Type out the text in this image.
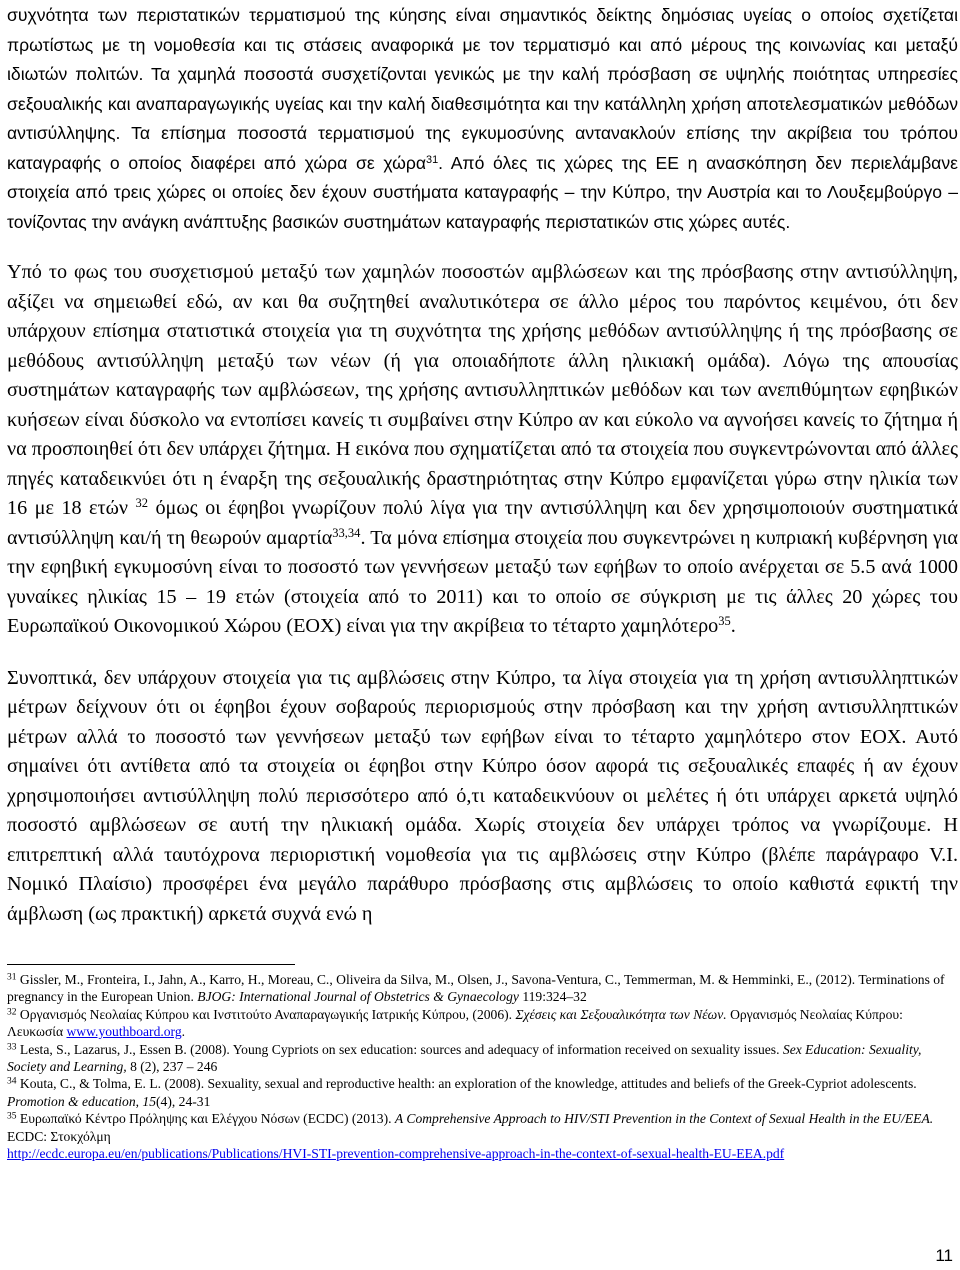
συχνότητα των περιστατικών τερματισμού της κύησης είναι σημαντικός δείκτης δημόσιας υγείας ο οποίος σχετίζεται πρωτίστως με τη νομοθεσία και τις στάσεις αναφορικά με τον τερματισμό και από μέρους της κοινωνίας και μεταξύ ιδιωτών πολιτών. Τα χαμηλά ποσοστά συσχετίζονται γενικώς με την καλή πρόσβαση σε υψηλής ποιότητας υπηρεσίες σεξουαλικής και αναπαραγωγικής υγείας και την καλή διαθεσιμότητα και την κατάλληλη χρήση αποτελεσματικών μεθόδων αντισύλληψης. Τα επίσημα ποσοστά τερματισμού της εγκυμοσύνης αντανακλούν επίσης την ακρίβεια του τρόπου καταγραφής ο οποίος διαφέρει από χώρα σε χώρα$^{31}$. Από όλες τις χώρες της ΕΕ η ανασκόπηση δεν περιελάμβανε στοιχεία από τρεις χώρες οι οποίες δεν έχουν συστήματα καταγραφής – την Κύπρο, την Αυστρία και το Λουξεμβούργο – τονίζοντας την ανάγκη ανάπτυξης βασικών συστημάτων καταγραφής περιστατικών στις χώρες αυτές.

Υπό το φως του συσχετισμού μεταξύ των χαμηλών ποσοστών αμβλώσεων και της πρόσβασης στην αντισύλληψη, αξίζει να σημειωθεί εδώ, αν και θα συζητηθεί αναλυτικότερα σε άλλο μέρος του παρόντος κειμένου, ότι δεν υπάρχουν επίσημα στατιστικά στοιχεία για τη συχνότητα της χρήσης μεθόδων αντισύλληψης ή της πρόσβασης σε μεθόδους αντισύλληψη μεταξύ των νέων (ή για οποιαδήποτε άλλη ηλικιακή ομάδα). Λόγω της απουσίας συστημάτων καταγραφής των αμβλώσεων, της χρήσης αντισυλληπτικών μεθόδων και των ανεπιθύμητων εφηβικών κυήσεων είναι δύσκολο να εντοπίσει κανείς τι συμβαίνει στην Κύπρο αν και εύκολο να αγνοήσει κανείς το ζήτημα ή να προσποιηθεί ότι δεν υπάρχει ζήτημα. Η εικόνα που σχηματίζεται από τα στοιχεία που συγκεντρώνονται από άλλες πηγές καταδεικνύει ότι η έναρξη της σεξουαλικής δραστηριότητας στην Κύπρο εμφανίζεται γύρω στην ηλικία των 16 με 18 ετών $^{32}$ όμως οι έφηβοι γνωρίζουν πολύ λίγα για την αντισύλληψη και δεν χρησιμοποιούν συστηματικά αντισύλληψη και/ή τη θεωρούν αμαρτία$^{33,34}$. Τα μόνα επίσημα στοιχεία που συγκεντρώνει η κυπριακή κυβέρνηση για την εφηβική εγκυμοσύνη είναι το ποσοστό των γεννήσεων μεταξύ των εφήβων το οποίο ανέρχεται σε 5.5 ανά 1000 γυναίκες ηλικίας 15 – 19 ετών (στοιχεία από το 2011) και το οποίο σε σύγκριση με τις άλλες 20 χώρες του Ευρωπαϊκού Οικονομικού Χώρου (ΕΟΧ) είναι για την ακρίβεια το τέταρτο χαμηλότερο$^{35}$.

Συνοπτικά, δεν υπάρχουν στοιχεία για τις αμβλώσεις στην Κύπρο, τα λίγα στοιχεία για τη χρήση αντισυλληπτικών μέτρων δείχνουν ότι οι έφηβοι έχουν σοβαρούς περιορισμούς στην πρόσβαση και την χρήση αντισυλληπτικών μέτρων αλλά το ποσοστό των γεννήσεων μεταξύ των εφήβων είναι το τέταρτο χαμηλότερο στον ΕΟΧ. Αυτό σημαίνει ότι αντίθετα από τα στοιχεία οι έφηβοι στην Κύπρο όσον αφορά τις σεξουαλικές επαφές ή αν έχουν χρησιμοποιήσει αντισύλληψη πολύ περισσότερο από ό,τι καταδεικνύουν οι μελέτες ή ότι υπάρχει αρκετά υψηλό ποσοστό αμβλώσεων σε αυτή την ηλικιακή ομάδα. Χωρίς στοιχεία δεν υπάρχει τρόπος να γνωρίζουμε. Η επιτρεπτική αλλά ταυτόχρονα περιοριστική νομοθεσία για τις αμβλώσεις στην Κύπρο (βλέπε παράγραφο V.I. Νομικό Πλαίσιο) προσφέρει ένα μεγάλο παράθυρο πρόσβασης στις αμβλώσεις το οποίο καθιστά εφικτή την άμβλωση (ως πρακτική) αρκετά συχνά ενώ η

$^{31}$ Gissler, M., Fronteira, I., Jahn, A., Karro, H., Moreau, C., Oliveira da Silva, M., Olsen, J., Savona-Ventura, C., Temmerman, M. & Hemminki, E., (2012). Terminations of pregnancy in the European Union. BJOG: International Journal of Obstetrics & Gynaecology 119:324–32

$^{32}$ Οργανισμός Νεολαίας Κύπρου και Ινστιτούτο Αναπαραγωγικής Ιατρικής Κύπρου, (2006). Σχέσεις και Σεξουαλικότητα των Νέων. Οργανισμός Νεολαίας Κύπρου: Λευκωσία www.youthboard.org.

$^{33}$ Lesta, S., Lazarus, J., Essen B. (2008). Young Cypriots on sex education: sources and adequacy of information received on sexuality issues. Sex Education: Sexuality, Society and Learning, 8 (2), 237 – 246

$^{34}$ Kouta, C., & Tolma, E. L. (2008). Sexuality, sexual and reproductive health: an exploration of the knowledge, attitudes and beliefs of the Greek-Cypriot adolescents. Promotion & education, 15(4), 24-31

$^{35}$ Ευρωπαϊκό Κέντρο Πρόληψης και Ελέγχου Νόσων (ECDC) (2013). A Comprehensive Approach to HIV/STI Prevention in the Context of Sexual Health in the EU/EEA. ECDC: Στοκχόλμη
http://ecdc.europa.eu/en/publications/Publications/HVI-STI-prevention-comprehensive-approach-in-the-context-of-sexual-health-EU-EEA.pdf

11
